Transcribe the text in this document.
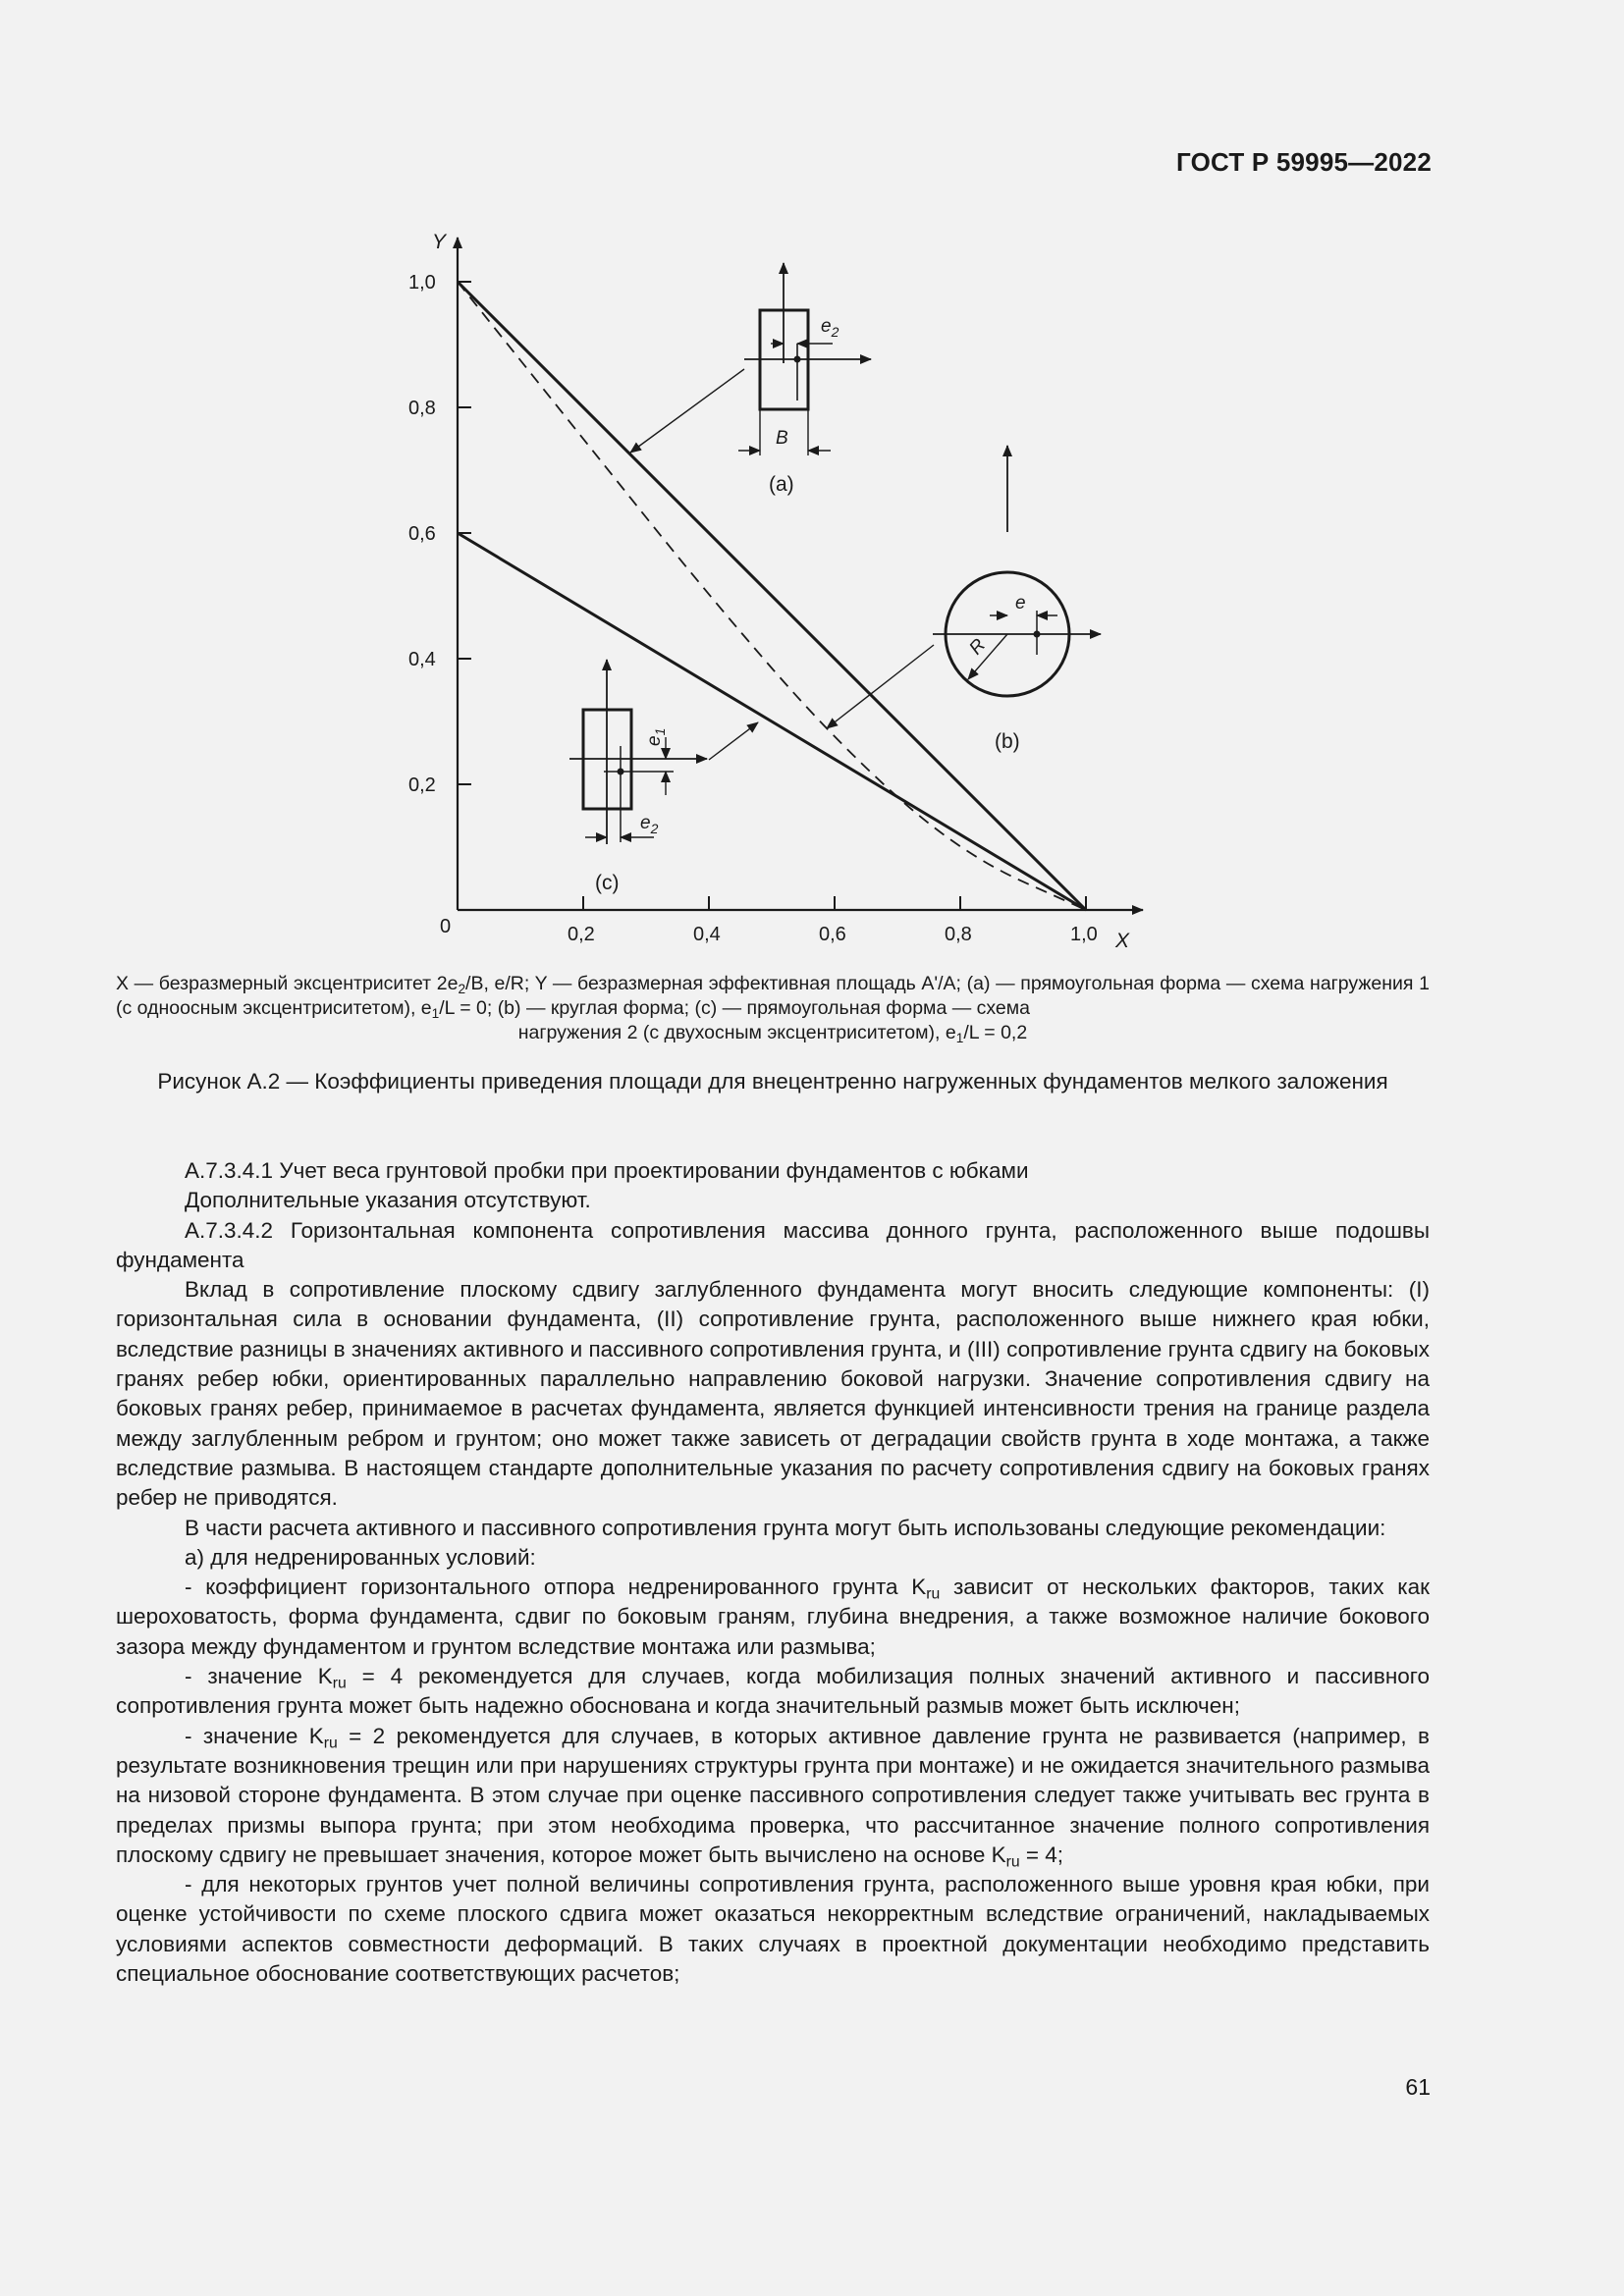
ГОСТ Р 59995—2022
Y
X
1,0
0,8
0,6
0,4
0,2
0,2	0,4	0,6	0,8	1,0
0
$e_2$
B
(a)
e
R
(b)
$e_1$
$e_2$
(c)
X — безразмерный эксцентриситет $2e_2/B$, e/R; Y — безразмерная эффективная площадь A'/A; (a) — прямоугольная форма — схема нагружения 1 (с одноосным эксцентриситетом), $e_1/L = 0$; (b) — круглая форма; (c) — прямоугольная форма — схема
нагружения 2 (с двухосным эксцентриситетом), $e_1/L = 0,2$
Рисунок А.2 — Коэффициенты приведения площади для внецентренно нагруженных фундаментов мелкого заложения

А.7.3.4.1 Учет веса грунтовой пробки при проектировании фундаментов с юбками

Дополнительные указания отсутствуют.

А.7.3.4.2 Горизонтальная компонента сопротивления массива донного грунта, расположенного выше подошвы фундамента

Вклад в сопротивление плоскому сдвигу заглубленного фундамента могут вносить следующие компоненты: (I) горизонтальная сила в основании фундамента, (II) сопротивление грунта, расположенного выше нижнего края юбки, вследствие разницы в значениях активного и пассивного сопротивления грунта, и (III) сопротивление грунта сдвигу на боковых гранях ребер юбки, ориентированных параллельно направлению боковой нагрузки. Значение сопротивления сдвигу на боковых гранях ребер, принимаемое в расчетах фундамента, является функцией интенсивности трения на границе раздела между заглубленным ребром и грунтом; оно может также зависеть от деградации свойств грунта в ходе монтажа, а также вследствие размыва. В настоящем стандарте дополнительные указания по расчету сопротивления сдвигу на боковых гранях ребер не приводятся.

В части расчета активного и пассивного сопротивления грунта могут быть использованы следующие рекомендации:

а) для недренированных условий:

- коэффициент горизонтального отпора недренированного грунта $K_{ru}$ зависит от нескольких факторов, таких как шероховатость, форма фундамента, сдвиг по боковым граням, глубина внедрения, а также возможное наличие бокового зазора между фундаментом и грунтом вследствие монтажа или размыва;

- значение $K_{ru} = 4$ рекомендуется для случаев, когда мобилизация полных значений активного и пассивного сопротивления грунта может быть надежно обоснована и когда значительный размыв может быть исключен;

- значение $K_{ru} = 2$ рекомендуется для случаев, в которых активное давление грунта не развивается (например, в результате возникновения трещин или при нарушениях структуры грунта при монтаже) и не ожидается значительного размыва на низовой стороне фундамента. В этом случае при оценке пассивного сопротивления следует также учитывать вес грунта в пределах призмы выпора грунта; при этом необходима проверка, что рассчитанное значение полного сопротивления плоскому сдвигу не превышает значения, которое может быть вычислено на основе $K_{ru} = 4$;

- для некоторых грунтов учет полной величины сопротивления грунта, расположенного выше уровня края юбки, при оценке устойчивости по схеме плоского сдвига может оказаться некорректным вследствие ограничений, накладываемых условиями аспектов совместности деформаций. В таких случаях в проектной документации необходимо представить специальное обоснование соответствующих расчетов;

61
